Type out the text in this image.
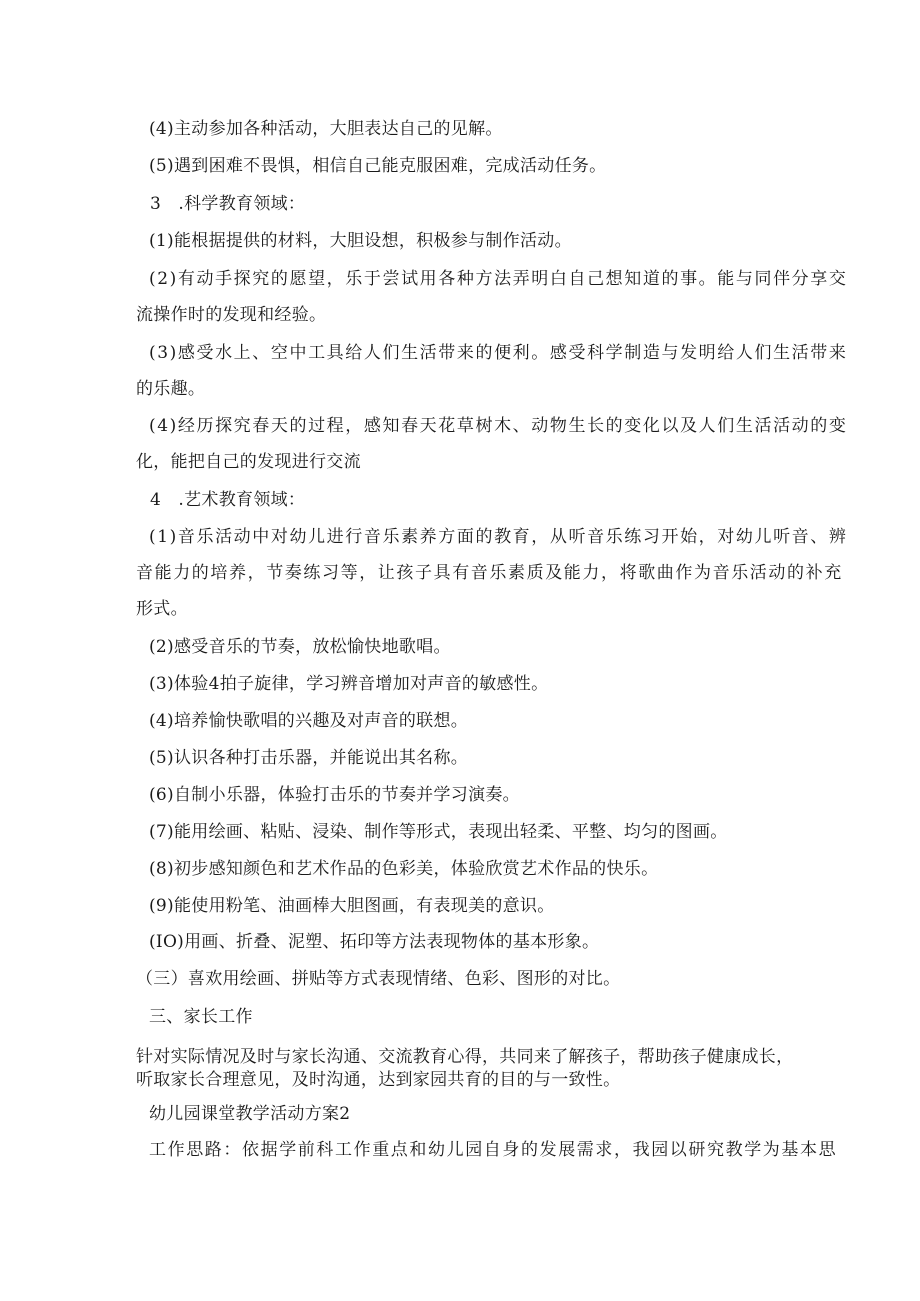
(4)主动参加各种活动，大胆表达自己的见解。
(5)遇到困难不畏惧，相信自己能克服困难，完成活动任务。
3　.科学教育领域：
(1)能根据提供的材料，大胆设想，积极参与制作活动。
(2)有动手探究的愿望，乐于尝试用各种方法弄明白自己想知道的事。能与同伴分享交
流操作时的发现和经验。
(3)感受水上、空中工具给人们生活带来的便利。感受科学制造与发明给人们生活带来
的乐趣。
(4)经历探究春天的过程，感知春天花草树木、动物生长的变化以及人们生活活动的变
化，能把自己的发现进行交流
4　.艺术教育领域：
(1)音乐活动中对幼儿进行音乐素养方面的教育，从听音乐练习开始，对幼儿听音、辨
音能力的培养，节奏练习等，让孩子具有音乐素质及能力，将歌曲作为音乐活动的补充
形式。
(2)感受音乐的节奏，放松愉快地歌唱。
(3)体验4拍子旋律，学习辨音增加对声音的敏感性。
(4)培养愉快歌唱的兴趣及对声音的联想。
(5)认识各种打击乐器，并能说出其名称。
(6)自制小乐器，体验打击乐的节奏并学习演奏。
(7)能用绘画、粘贴、浸染、制作等形式，表现出轻柔、平整、均匀的图画。
(8)初步感知颜色和艺术作品的色彩美，体验欣赏艺术作品的快乐。
(9)能使用粉笔、油画棒大胆图画，有表现美的意识。
(IO)用画、折叠、泥塑、拓印等方法表现物体的基本形象。
（三）喜欢用绘画、拼贴等方式表现情绪、色彩、图形的对比。
三、家长工作
针对实际情况及时与家长沟通、交流教育心得，共同来了解孩子，帮助孩子健康成长，
听取家长合理意见，及时沟通，达到家园共育的目的与一致性。
幼儿园课堂教学活动方案2
工作思路：依据学前科工作重点和幼儿园自身的发展需求，我园以研究教学为基本思
